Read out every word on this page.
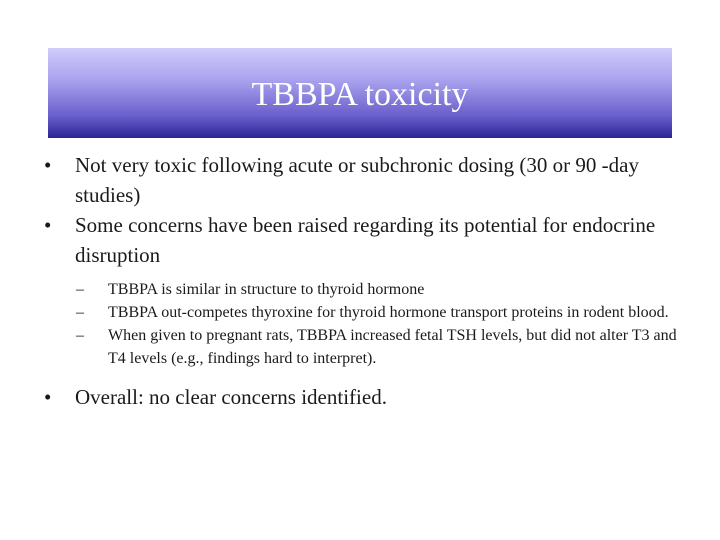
TBBPA toxicity
• Not very toxic following acute or subchronic dosing (30 or 90 -day studies)
• Some concerns have been raised regarding its potential for endocrine disruption
– TBBPA is similar in structure to thyroid hormone
– TBBPA out-competes thyroxine for thyroid hormone transport proteins in rodent blood.
– When given to pregnant rats, TBBPA increased fetal TSH levels, but did not alter T3 and T4 levels (e.g., findings hard to interpret).
• Overall: no clear concerns identified.
